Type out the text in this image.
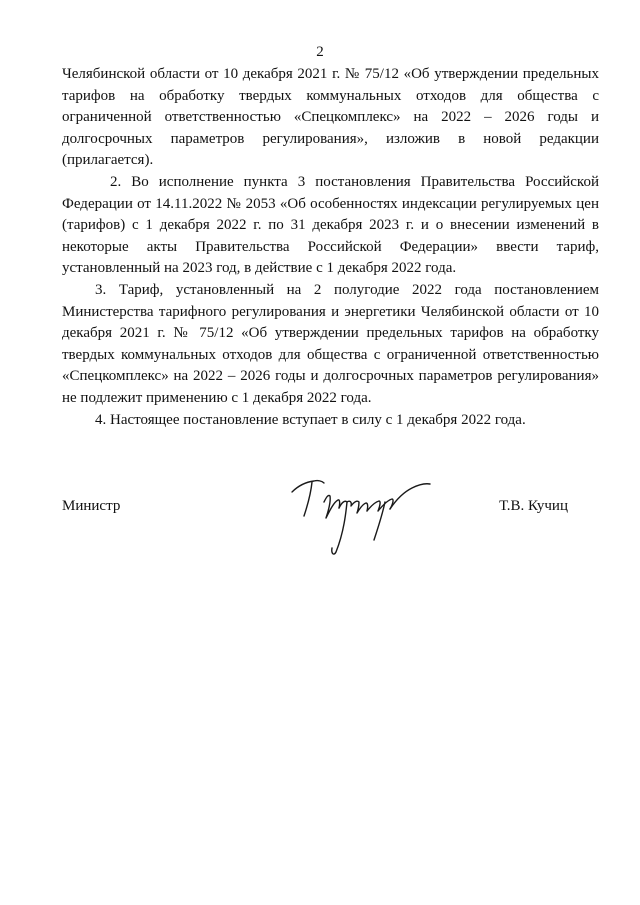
2

Челябинской области от 10 декабря 2021 г. № 75/12 «Об утверждении предельных тарифов на обработку твердых коммунальных отходов для общества с ограниченной ответственностью «Спецкомплекс» на 2022 – 2026 годы и долгосрочных параметров регулирования», изложив в новой редакции (прилагается).

2. Во исполнение пункта 3 постановления Правительства Российской Федерации от 14.11.2022 № 2053 «Об особенностях индексации регулируемых цен (тарифов) с 1 декабря 2022 г. по 31 декабря 2023 г. и о внесении изменений в некоторые акты Правительства Российской Федерации» ввести тариф, установленный на 2023 год, в действие с 1 декабря 2022 года.

3. Тариф, установленный на 2 полугодие 2022 года постановлением Министерства тарифного регулирования и энергетики Челябинской области от 10 декабря 2021 г. № 75/12 «Об утверждении предельных тарифов на обработку твердых коммунальных отходов для общества с ограниченной ответственностью «Спецкомплекс» на 2022 – 2026 годы и долгосрочных параметров регулирования» не подлежит применению с 1 декабря 2022 года.

4. Настоящее постановление вступает в силу с 1 декабря 2022 года.

Министр	Т.В. Кучиц
